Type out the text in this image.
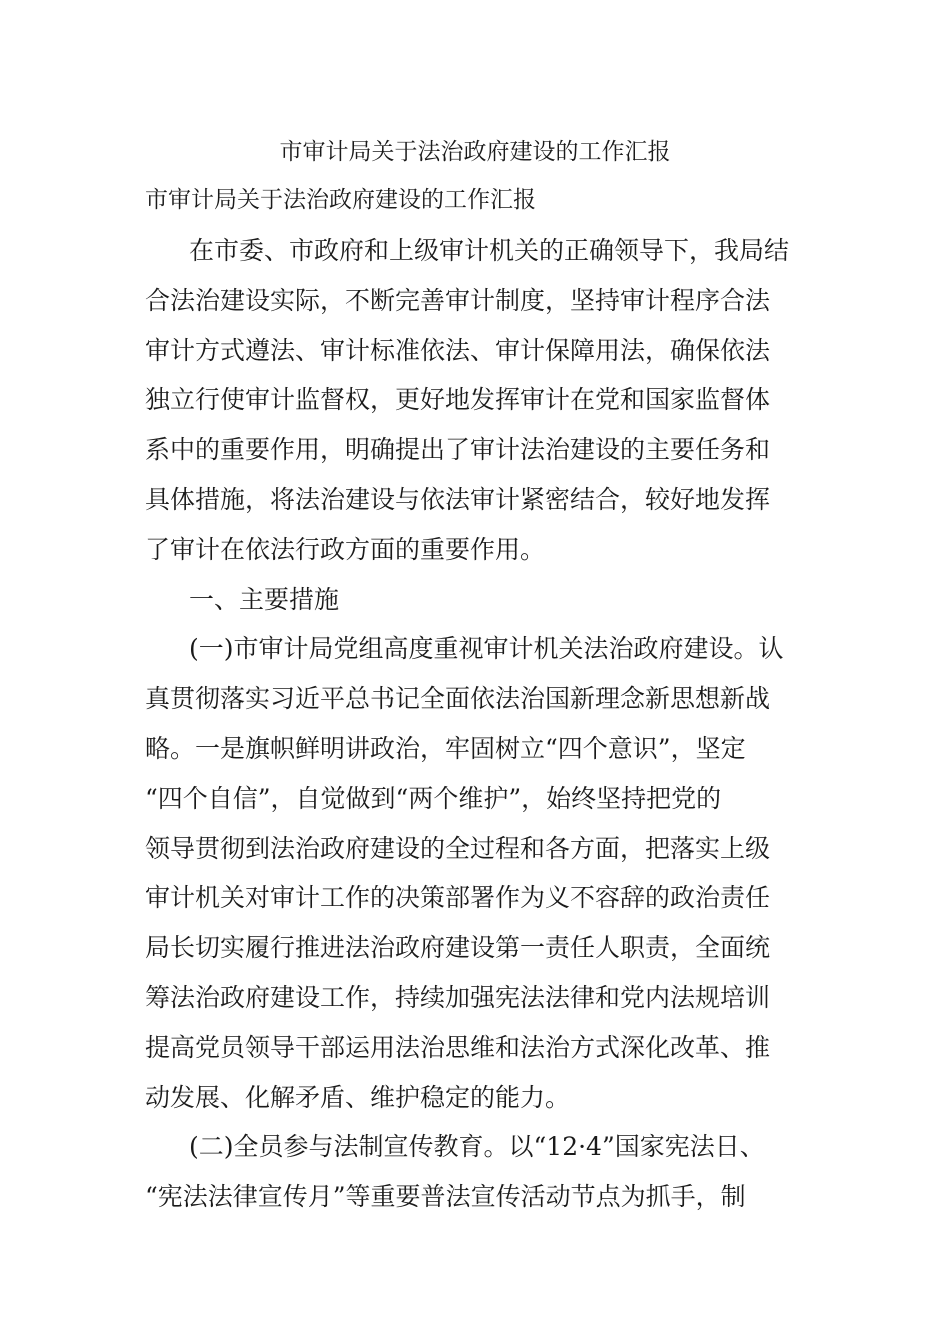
市审计局关于法治政府建设的工作汇报
市审计局关于法治政府建设的工作汇报
在市委、市政府和上级审计机关的正确领导下，我局结
合法治建设实际，不断完善审计制度，坚持审计程序合法
审计方式遵法、审计标准依法、审计保障用法，确保依法
独立行使审计监督权，更好地发挥审计在党和国家监督体
系中的重要作用，明确提出了审计法治建设的主要任务和
具体措施，将法治建设与依法审计紧密结合，较好地发挥
了审计在依法行政方面的重要作用。
一、主要措施
(一)市审计局党组高度重视审计机关法治政府建设。认
真贯彻落实习近平总书记全面依法治国新理念新思想新战
略。一是旗帜鲜明讲政治，牢固树立“四个意识”，坚定
“四个自信”，自觉做到“两个维护”，始终坚持把党的
领导贯彻到法治政府建设的全过程和各方面，把落实上级
审计机关对审计工作的决策部署作为义不容辞的政治责任
局长切实履行推进法治政府建设第一责任人职责，全面统
筹法治政府建设工作，持续加强宪法法律和党内法规培训
提高党员领导干部运用法治思维和法治方式深化改革、推
动发展、化解矛盾、维护稳定的能力。
(二)全员参与法制宣传教育。以“12·4”国家宪法日、
“宪法法律宣传月”等重要普法宣传活动节点为抓手，制
